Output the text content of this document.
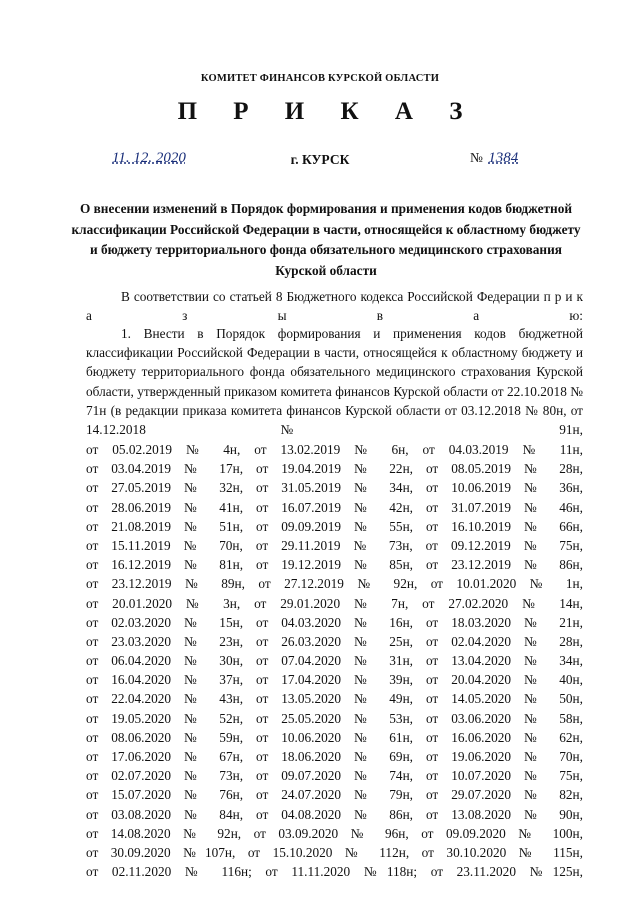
КОМИТЕТ ФИНАНСОВ КУРСКОЙ ОБЛАСТИ
П Р И К А З
11. 12. 2020	г. КУРСК	№ 1384
О внесении изменений в Порядок формирования и применения кодов бюджетной классификации Российской Федерации в части, относящейся к областному бюджету и бюджету территориального фонда обязательного медицинского страхования Курской области
В соответствии со статьей 8 Бюджетного кодекса Российской Федерации п р и к а з ы в а ю:
1. Внести в Порядок формирования и применения кодов бюджетной классификации Российской Федерации в части, относящейся к областному бюджету и бюджету территориального фонда обязательного медицинского страхования Курской области, утвержденный приказом комитета финансов Курской области от 22.10.2018 № 71н (в редакции приказа комитета финансов Курской области от 03.12.2018 № 80н, от 14.12.2018 № 91н,
от 05.02.2019 № 4н, от 13.02.2019 № 6н, от 04.03.2019 № 11н,
от 03.04.2019 № 17н, от 19.04.2019 № 22н, от 08.05.2019 № 28н,
от 27.05.2019 № 32н, от 31.05.2019 № 34н, от 10.06.2019 № 36н,
от 28.06.2019 № 41н, от 16.07.2019 № 42н, от 31.07.2019 № 46н,
от 21.08.2019 № 51н, от 09.09.2019 № 55н, от 16.10.2019 № 66н,
от 15.11.2019 № 70н, от 29.11.2019 № 73н, от 09.12.2019 № 75н,
от 16.12.2019 № 81н, от 19.12.2019 № 85н, от 23.12.2019 № 86н,
от 23.12.2019 № 89н, от 27.12.2019 № 92н, от 10.01.2020 № 1н,
от 20.01.2020 № 3н, от 29.01.2020 № 7н, от 27.02.2020 № 14н,
от 02.03.2020 № 15н, от 04.03.2020 № 16н, от 18.03.2020 № 21н,
от 23.03.2020 № 23н, от 26.03.2020 № 25н, от 02.04.2020 № 28н,
от 06.04.2020 № 30н, от 07.04.2020 № 31н, от 13.04.2020 № 34н,
от 16.04.2020 № 37н, от 17.04.2020 № 39н, от 20.04.2020 № 40н,
от 22.04.2020 № 43н, от 13.05.2020 № 49н, от 14.05.2020 № 50н,
от 19.05.2020 № 52н, от 25.05.2020 № 53н, от 03.06.2020 № 58н,
от 08.06.2020 № 59н, от 10.06.2020 № 61н, от 16.06.2020 № 62н,
от 17.06.2020 № 67н, от 18.06.2020 № 69н, от 19.06.2020 № 70н,
от 02.07.2020 № 73н, от 09.07.2020 № 74н, от 10.07.2020 № 75н,
от 15.07.2020 № 76н, от 24.07.2020 № 79н, от 29.07.2020 № 82н,
от 03.08.2020 № 84н, от 04.08.2020 № 86н, от 13.08.2020 № 90н,
от 14.08.2020 № 92н, от 03.09.2020 № 96н, от 09.09.2020 № 100н,
от 30.09.2020 №107н, от 15.10.2020 № 112н, от 30.10.2020 № 115н,
от 02.11.2020 № 116н; от 11.11.2020 №118н; от 23.11.2020 №125н,
